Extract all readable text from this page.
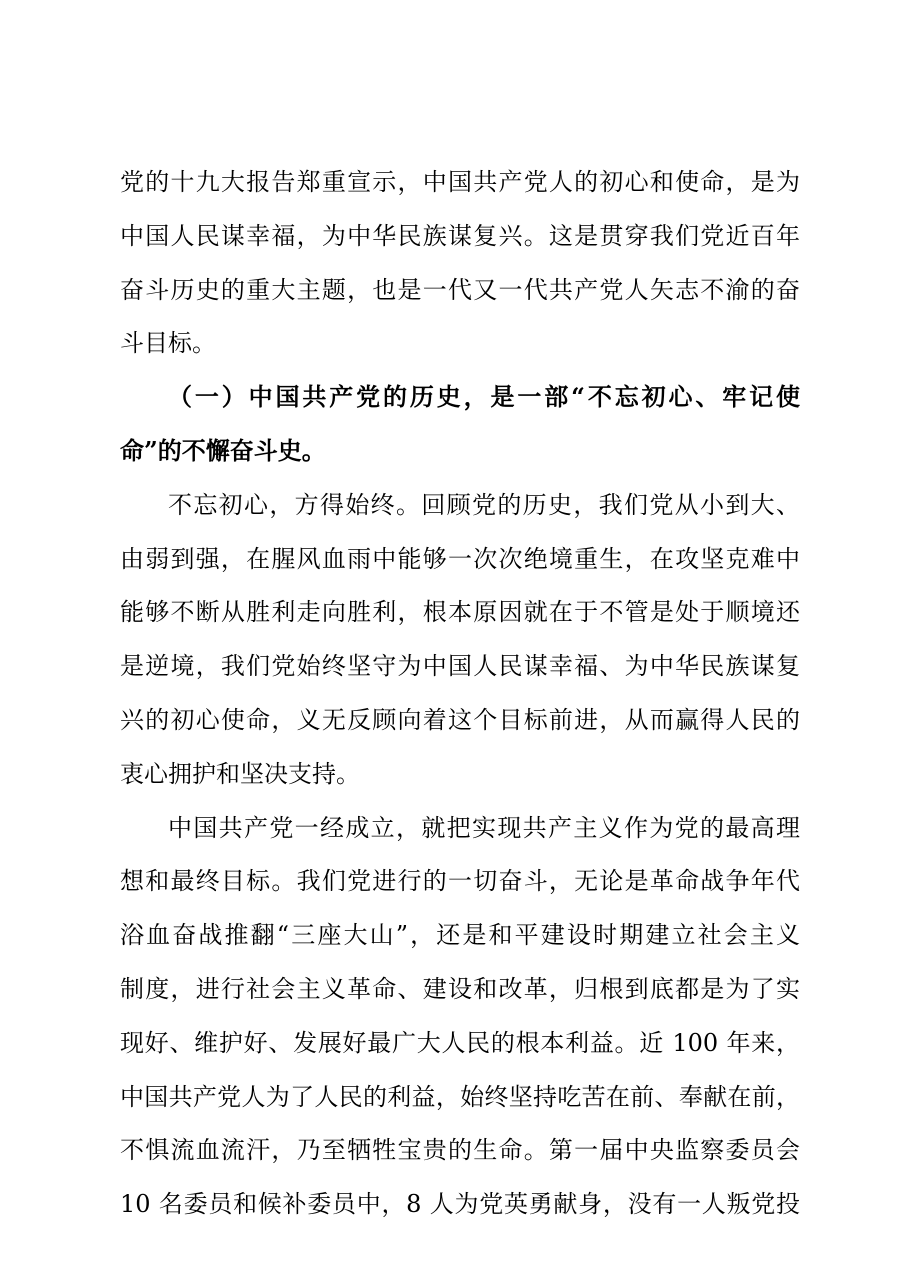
党的十九大报告郑重宣示，中国共产党人的初心和使命，是为
中国人民谋幸福，为中华民族谋复兴。这是贯穿我们党近百年
奋斗历史的重大主题，也是一代又一代共产党人矢志不渝的奋
斗目标。
（一）中国共产党的历史，是一部“不忘初心、牢记使
命”的不懈奋斗史。
不忘初心，方得始终。回顾党的历史，我们党从小到大、
由弱到强，在腥风血雨中能够一次次绝境重生，在攻坚克难中
能够不断从胜利走向胜利，根本原因就在于不管是处于顺境还
是逆境，我们党始终坚守为中国人民谋幸福、为中华民族谋复
兴的初心使命，义无反顾向着这个目标前进，从而赢得人民的
衷心拥护和坚决支持。
中国共产党一经成立，就把实现共产主义作为党的最高理
想和最终目标。我们党进行的一切奋斗，无论是革命战争年代
浴血奋战推翻“三座大山”，还是和平建设时期建立社会主义
制度，进行社会主义革命、建设和改革，归根到底都是为了实
现好、维护好、发展好最广大人民的根本利益。近 100 年来，
中国共产党人为了人民的利益，始终坚持吃苦在前、奉献在前，
不惧流血流汗，乃至牺牲宝贵的生命。第一届中央监察委员会
10 名委员和候补委员中，8 人为党英勇献身，没有一人叛党投
